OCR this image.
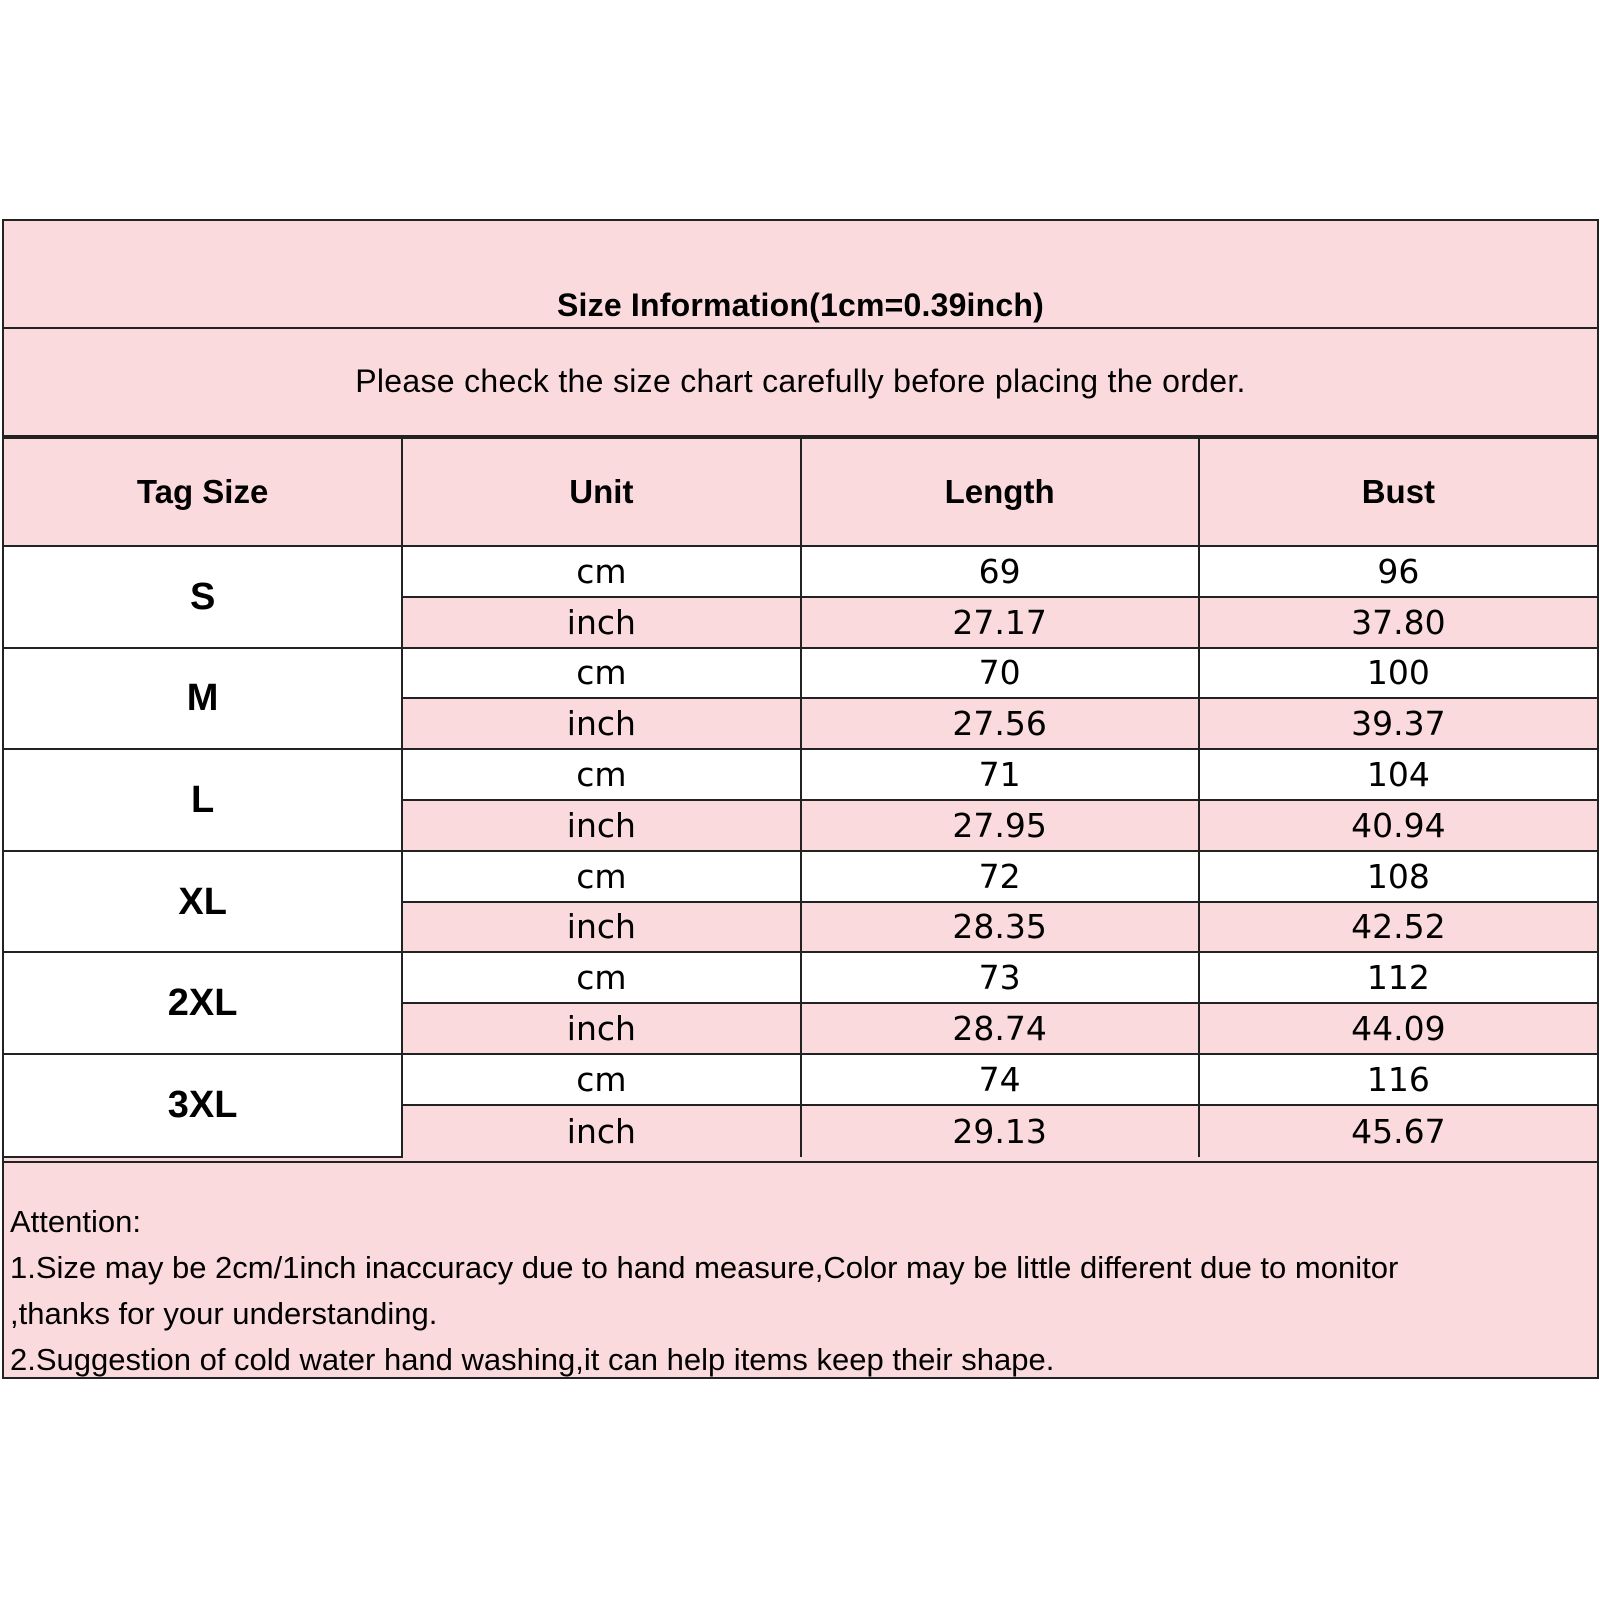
Size Information(1cm=0.39inch)
Please check the size chart carefully before placing the order.
Tag Size	Unit	Length	Bust
S	cm	69	96
	inch	27.17	37.80
M	cm	70	100
	inch	27.56	39.37
L	cm	71	104
	inch	27.95	40.94
XL	cm	72	108
	inch	28.35	42.52
2XL	cm	73	112
	inch	28.74	44.09
3XL	cm	74	116
	inch	29.13	45.67
Attention:
1.Size may be 2cm/1inch inaccuracy due to hand measure,Color may be little different due to monitor
,thanks for your understanding.
2.Suggestion of cold water hand washing,it can help items keep their shape.
